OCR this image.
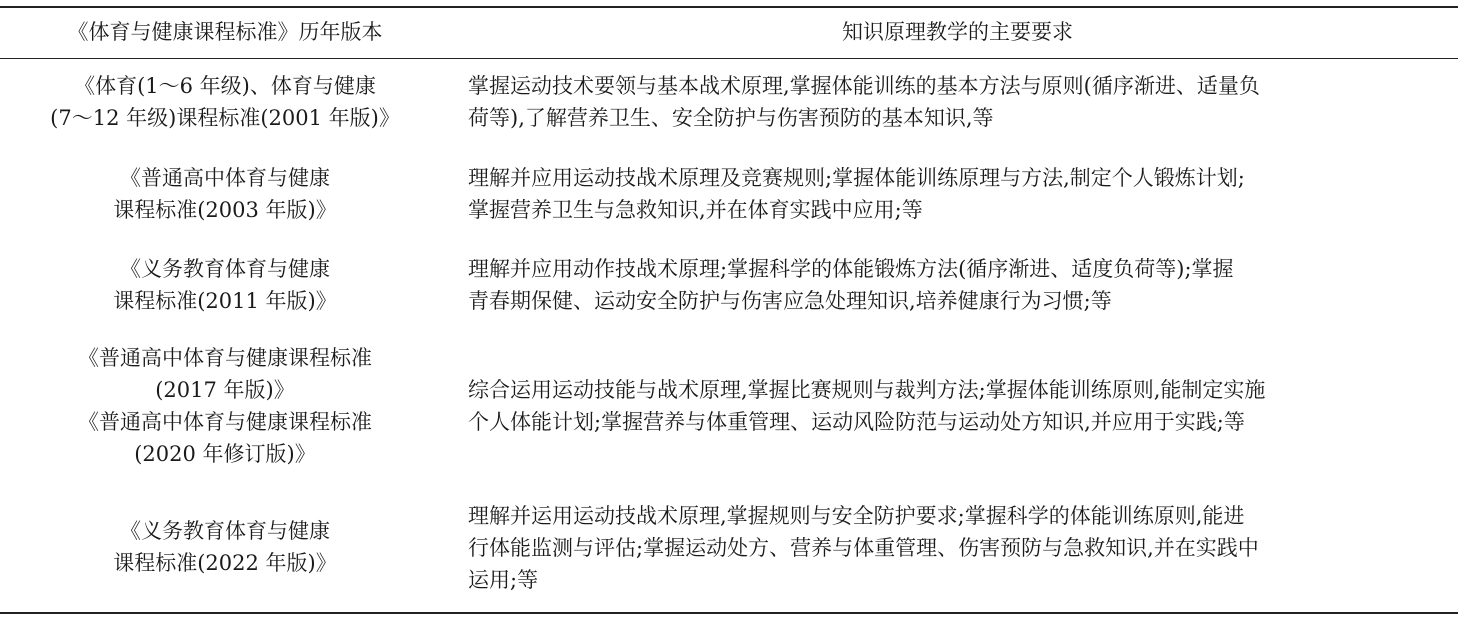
《体育与健康课程标准》历年版本	知识原理教学的主要要求
《体育(1～6 年级)、体育与健康
(7～12 年级)课程标准(2001 年版)》
掌握运动技术要领与基本战术原理,掌握体能训练的基本方法与原则(循序渐进、适量负
荷等),了解营养卫生、安全防护与伤害预防的基本知识,等
《普通高中体育与健康
课程标准(2003 年版)》
理解并应用运动技战术原理及竞赛规则;掌握体能训练原理与方法,制定个人锻炼计划;
掌握营养卫生与急救知识,并在体育实践中应用;等
《义务教育体育与健康
课程标准(2011 年版)》
理解并应用动作技战术原理;掌握科学的体能锻炼方法(循序渐进、适度负荷等);掌握
青春期保健、运动安全防护与伤害应急处理知识,培养健康行为习惯;等
《普通高中体育与健康课程标准
(2017 年版)》
《普通高中体育与健康课程标准
(2020 年修订版)》
综合运用运动技能与战术原理,掌握比赛规则与裁判方法;掌握体能训练原则,能制定实施
个人体能计划;掌握营养与体重管理、运动风险防范与运动处方知识,并应用于实践;等
《义务教育体育与健康
课程标准(2022 年版)》
理解并运用运动技战术原理,掌握规则与安全防护要求;掌握科学的体能训练原则,能进
行体能监测与评估;掌握运动处方、营养与体重管理、伤害预防与急救知识,并在实践中
运用;等
